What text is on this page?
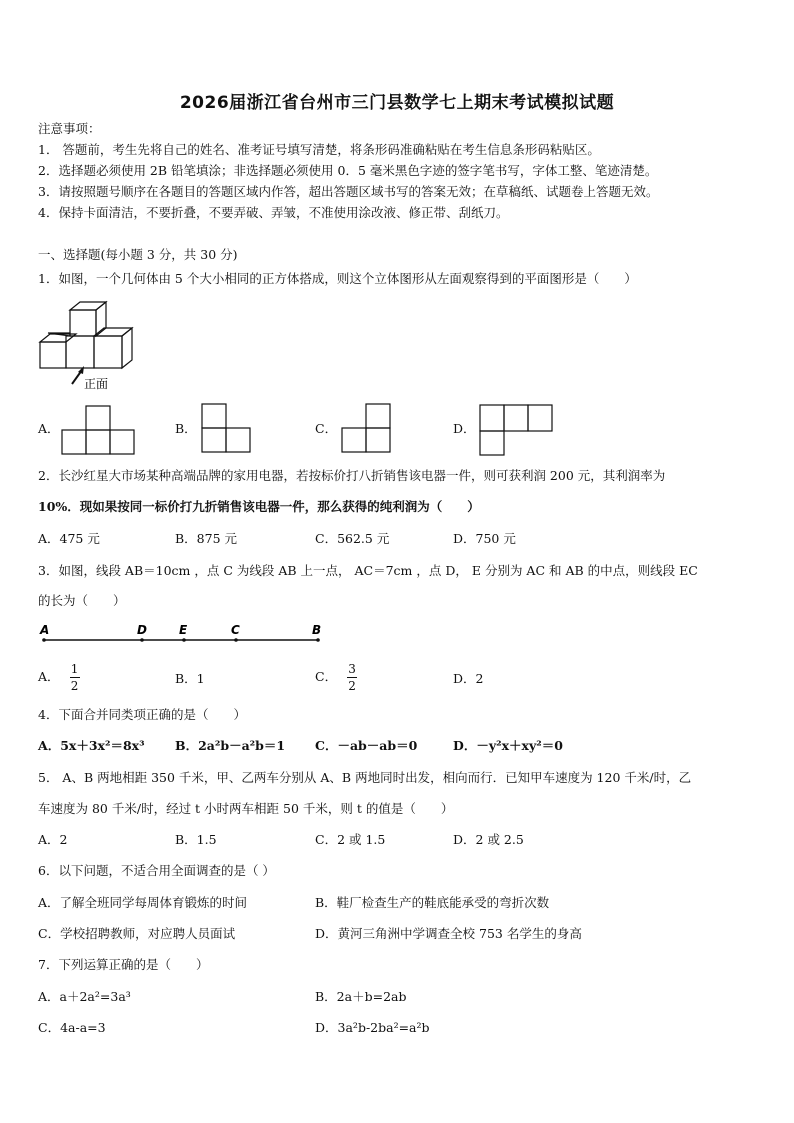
2026届浙江省台州市三门县数学七上期末考试模拟试题
注意事项：
1． 答题前，考生先将自己的姓名、准考证号填写清楚，将条形码准确粘贴在考生信息条形码粘贴区。
2．选择题必须使用 2B 铅笔填涂；非选择题必须使用 0．5 毫米黑色字迹的签字笔书写，字体工整、笔迹清楚。
3．请按照题号顺序在各题目的答题区域内作答，超出答题区域书写的答案无效；在草稿纸、试题卷上答题无效。
4．保持卡面清洁，不要折叠，不要弄破、弄皱，不准使用涂改液、修正带、刮纸刀。
一、选择题(每小题 3 分，共 30 分)
1．如图，一个几何体由 5 个大小相同的正方体搭成，则这个立体图形从左面观察得到的平面图形是（　　）
正面
A．	B．	C．	D．
2．长沙红星大市场某种高端品牌的家用电器，若按标价打八折销售该电器一件，则可获利润 200 元，其利润率为
10%．现如果按同一标价打九折销售该电器一件，那么获得的纯利润为（　　）
A．475 元	B．875 元	C．562.5 元	D．750 元
3．如图，线段 AB＝10cm ，点 C 为线段 AB 上一点， AC＝7cm ，点 D， E 分别为 AC 和 AB 的中点，则线段 EC
的长为（　　）
A	D	E	C	B
A． $\frac{1}{2}$	B．1	C． $\frac{3}{2}$	D．2
4．下面合并同类项正确的是（　　）
A．5x＋3x²＝8x³ B．2a²b－a²b＝1 C．－ab－ab＝0	D．－y²x＋xy²＝0
5． A、B 两地相距 350 千米，甲、乙两车分别从 A、B 两地同时出发，相向而行．已知甲车速度为 120 千米/时，乙
车速度为 80 千米/时，经过 t 小时两车相距 50 千米，则 t 的值是（　　）
A．2	B．1.5	C．2 或 1.5	D．2 或 2.5
6．以下问题，不适合用全面调查的是（ ）
A．了解全班同学每周体育锻炼的时间	B．鞋厂检查生产的鞋底能承受的弯折次数
C．学校招聘教师，对应聘人员面试	D．黄河三角洲中学调查全校 753 名学生的身高
7．下列运算正确的是（　　）
A．a＋2a²=3a³	B．2a＋b=2ab
C．4a-a=3	D．3a²b-2ba²=a²b
